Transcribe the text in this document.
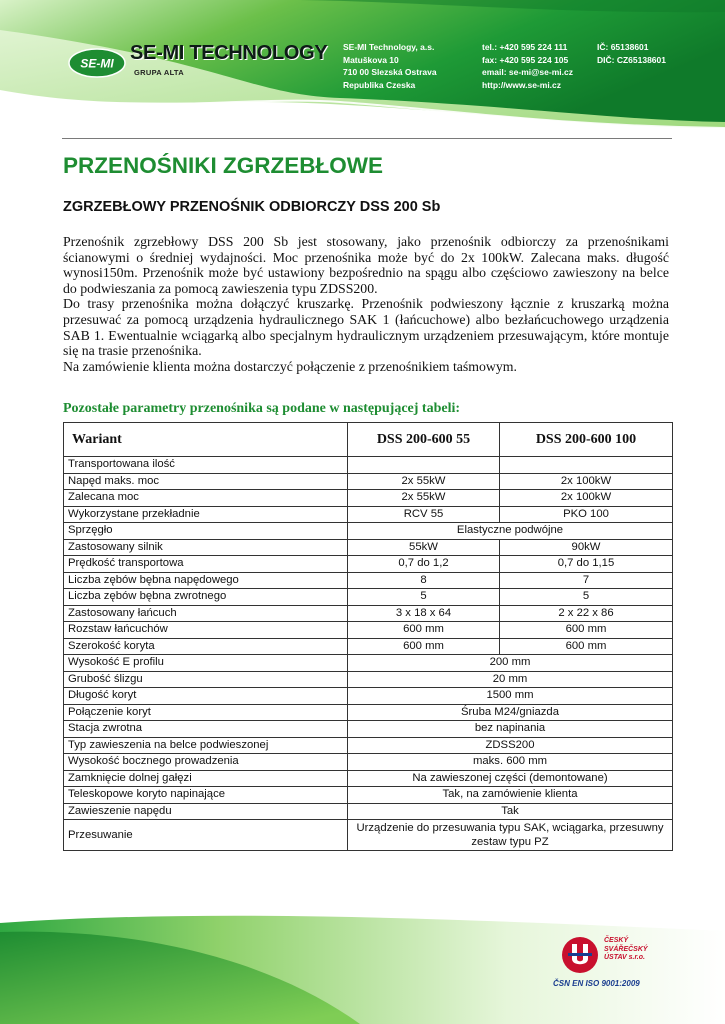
SE-MI SE-MI TECHNOLOGY
GRUPA ALTA
SE-MI Technology, a.s.
Matuškova 10
710 00 Slezská Ostrava
Republika Czeska
tel.: +420 595 224 111
fax: +420 595 224 105
email: se-mi@se-mi.cz
http://www.se-mi.cz
IČ: 65138601
DIČ: CZ65138601
PRZENOŚNIKI ZGRZEBŁOWE
ZGRZEBŁOWY PRZENOŚNIK ODBIORCZY DSS 200 Sb

Przenośnik zgrzebłowy DSS 200 Sb jest stosowany, jako przenośnik odbiorczy za przenośnikami ścianowymi o średniej wydajności. Moc przenośnika może być do 2x 100kW. Zalecana maks. długość wynosi150m. Przenośnik może być ustawiony bezpośrednio na spągu albo częściowo zawieszony na belce do podwieszania za pomocą zawieszenia typu ZDSS200.

Do trasy przenośnika można dołączyć kruszarkę. Przenośnik podwieszony łącznie z kruszarką można przesuwać za pomocą urządzenia hydraulicznego SAK 1 (łańcuchowe) albo bezłańcuchowego urządzenia SAB 1. Ewentualnie wciągarką albo specjalnym hydraulicznym urządzeniem przesuwającym, które montuje się na trasie przenośnika.

Na zamówienie klienta można dostarczyć połączenie z przenośnikiem taśmowym.

Pozostałe parametry przenośnika są podane w następującej tabeli:
Wariant	DSS 200-600 55	DSS 200-600 100
Transportowana ilość		
Napęd maks. moc	2x 55kW	2x 100kW
Zalecana moc	2x 55kW	2x 100kW
Wykorzystane przekładnie	RCV 55	PKO 100
Sprzęgło	Elastyczne podwójne	
Zastosowany silnik	55kW	90kW
Prędkość transportowa	0,7 do 1,2	0,7 do 1,15
Liczba zębów bębna napędowego	8	7
Liczba zębów bębna zwrotnego	5	5
Zastosowany łańcuch	3 x 18 x 64	2 x 22 x 86
Rozstaw łańcuchów	600 mm	600 mm
Szerokość koryta	600 mm	600 mm
Wysokość E profilu	200 mm	
Grubość ślizgu	20 mm	
Długość koryt	1500 mm	
Połączenie koryt	Śruba M24/gniazda	
Stacja zwrotna	bez napinania	
Typ zawieszenia na belce podwieszonej	ZDSS200	
Wysokość bocznego prowadzenia	maks. 600 mm	
Zamknięcie dolnej gałęzi	Na zawieszonej części (demontowane)	
Teleskopowe koryto napinające	Tak, na zamówienie klienta	
Zawieszenie napędu	Tak	
Przesuwanie	Urządzenie do przesuwania typu SAK, wciągarka, przesuwny zestaw typu PZ	
ČESKÝ
SVÁŘEČSKÝ
ÚSTAV s.r.o.
ČSN EN ISO 9001:2009
